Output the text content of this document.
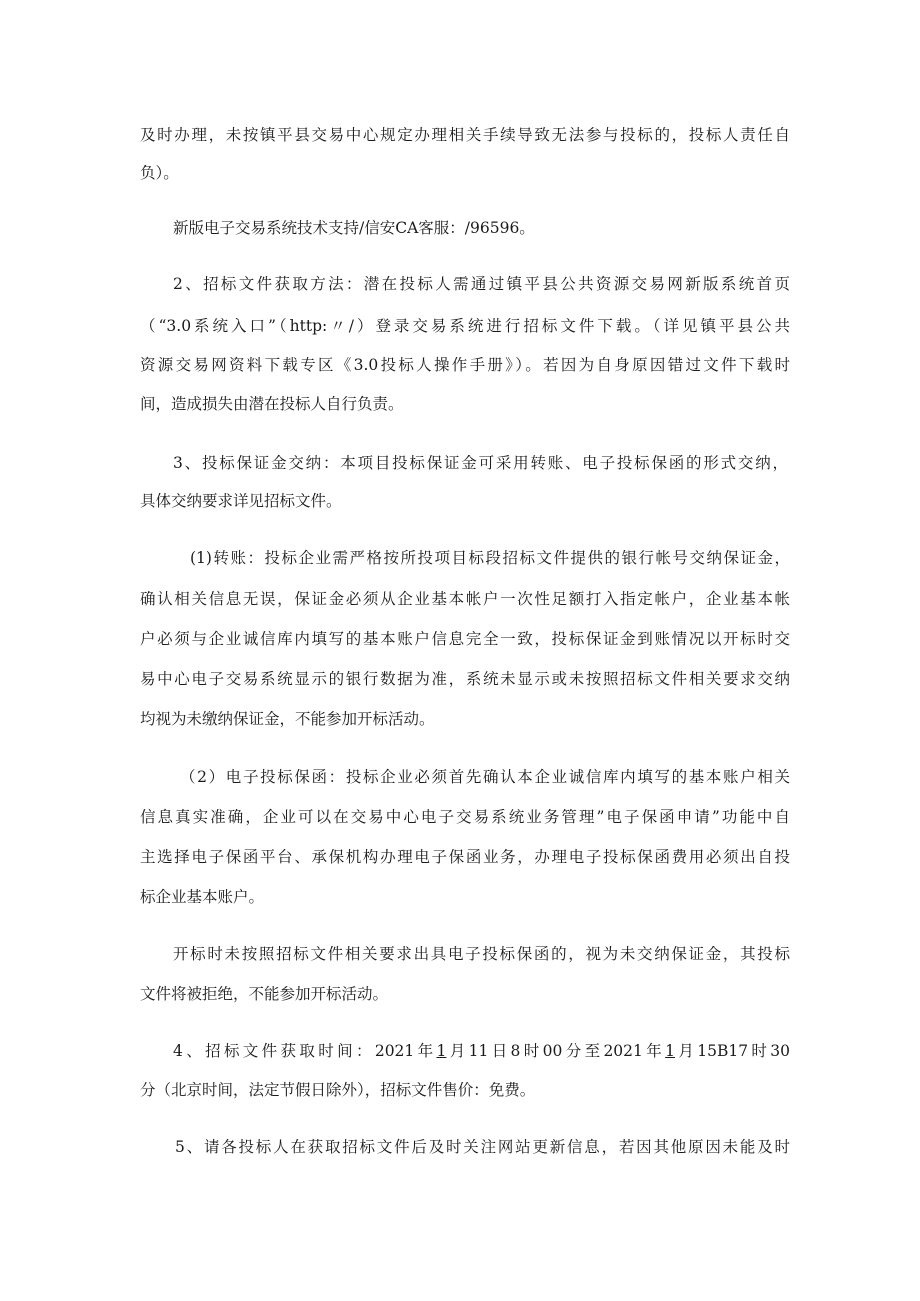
及时办理，未按镇平县交易中心规定办理相关手续导致无法参与投标的，投标人责任自
负）。
新版电子交易系统技术支持/信安CA客服：/96596。
2、招标文件获取方法：潜在投标人需通过镇平县公共资源交易网新版系统首页
（“3.0系统入口”（http:〃/）登录交易系统进行招标文件下载。（详见镇平县公共
资源交易网资料下载专区《3.0投标人操作手册》）。若因为自身原因错过文件下载时
间，造成损失由潜在投标人自行负责。
3、投标保证金交纳：本项目投标保证金可采用转账、电子投标保函的形式交纳，
具体交纳要求详见招标文件。
(1)转账：投标企业需严格按所投项目标段招标文件提供的银行帐号交纳保证金，
确认相关信息无误，保证金必须从企业基本帐户一次性足额打入指定帐户，企业基本帐
户必须与企业诚信库内填写的基本账户信息完全一致，投标保证金到账情况以开标时交
易中心电子交易系统显示的银行数据为准，系统未显示或未按照招标文件相关要求交纳
均视为未缴纳保证金，不能参加开标活动。
（2）电子投标保函：投标企业必须首先确认本企业诚信库内填写的基本账户相关
信息真实准确，企业可以在交易中心电子交易系统业务管理”电子保函申请”功能中自
主选择电子保函平台、承保机构办理电子保函业务，办理电子投标保函费用必须出自投
标企业基本账户。
开标时未按照招标文件相关要求出具电子投标保函的，视为未交纳保证金，其投标
文件将被拒绝，不能参加开标活动。
4、招标文件获取时间：2021年1月11日8时00分至2021年1月15B17时30
分（北京时间，法定节假日除外），招标文件售价：免费。
5、请各投标人在获取招标文件后及时关注网站更新信息，若因其他原因未能及时
